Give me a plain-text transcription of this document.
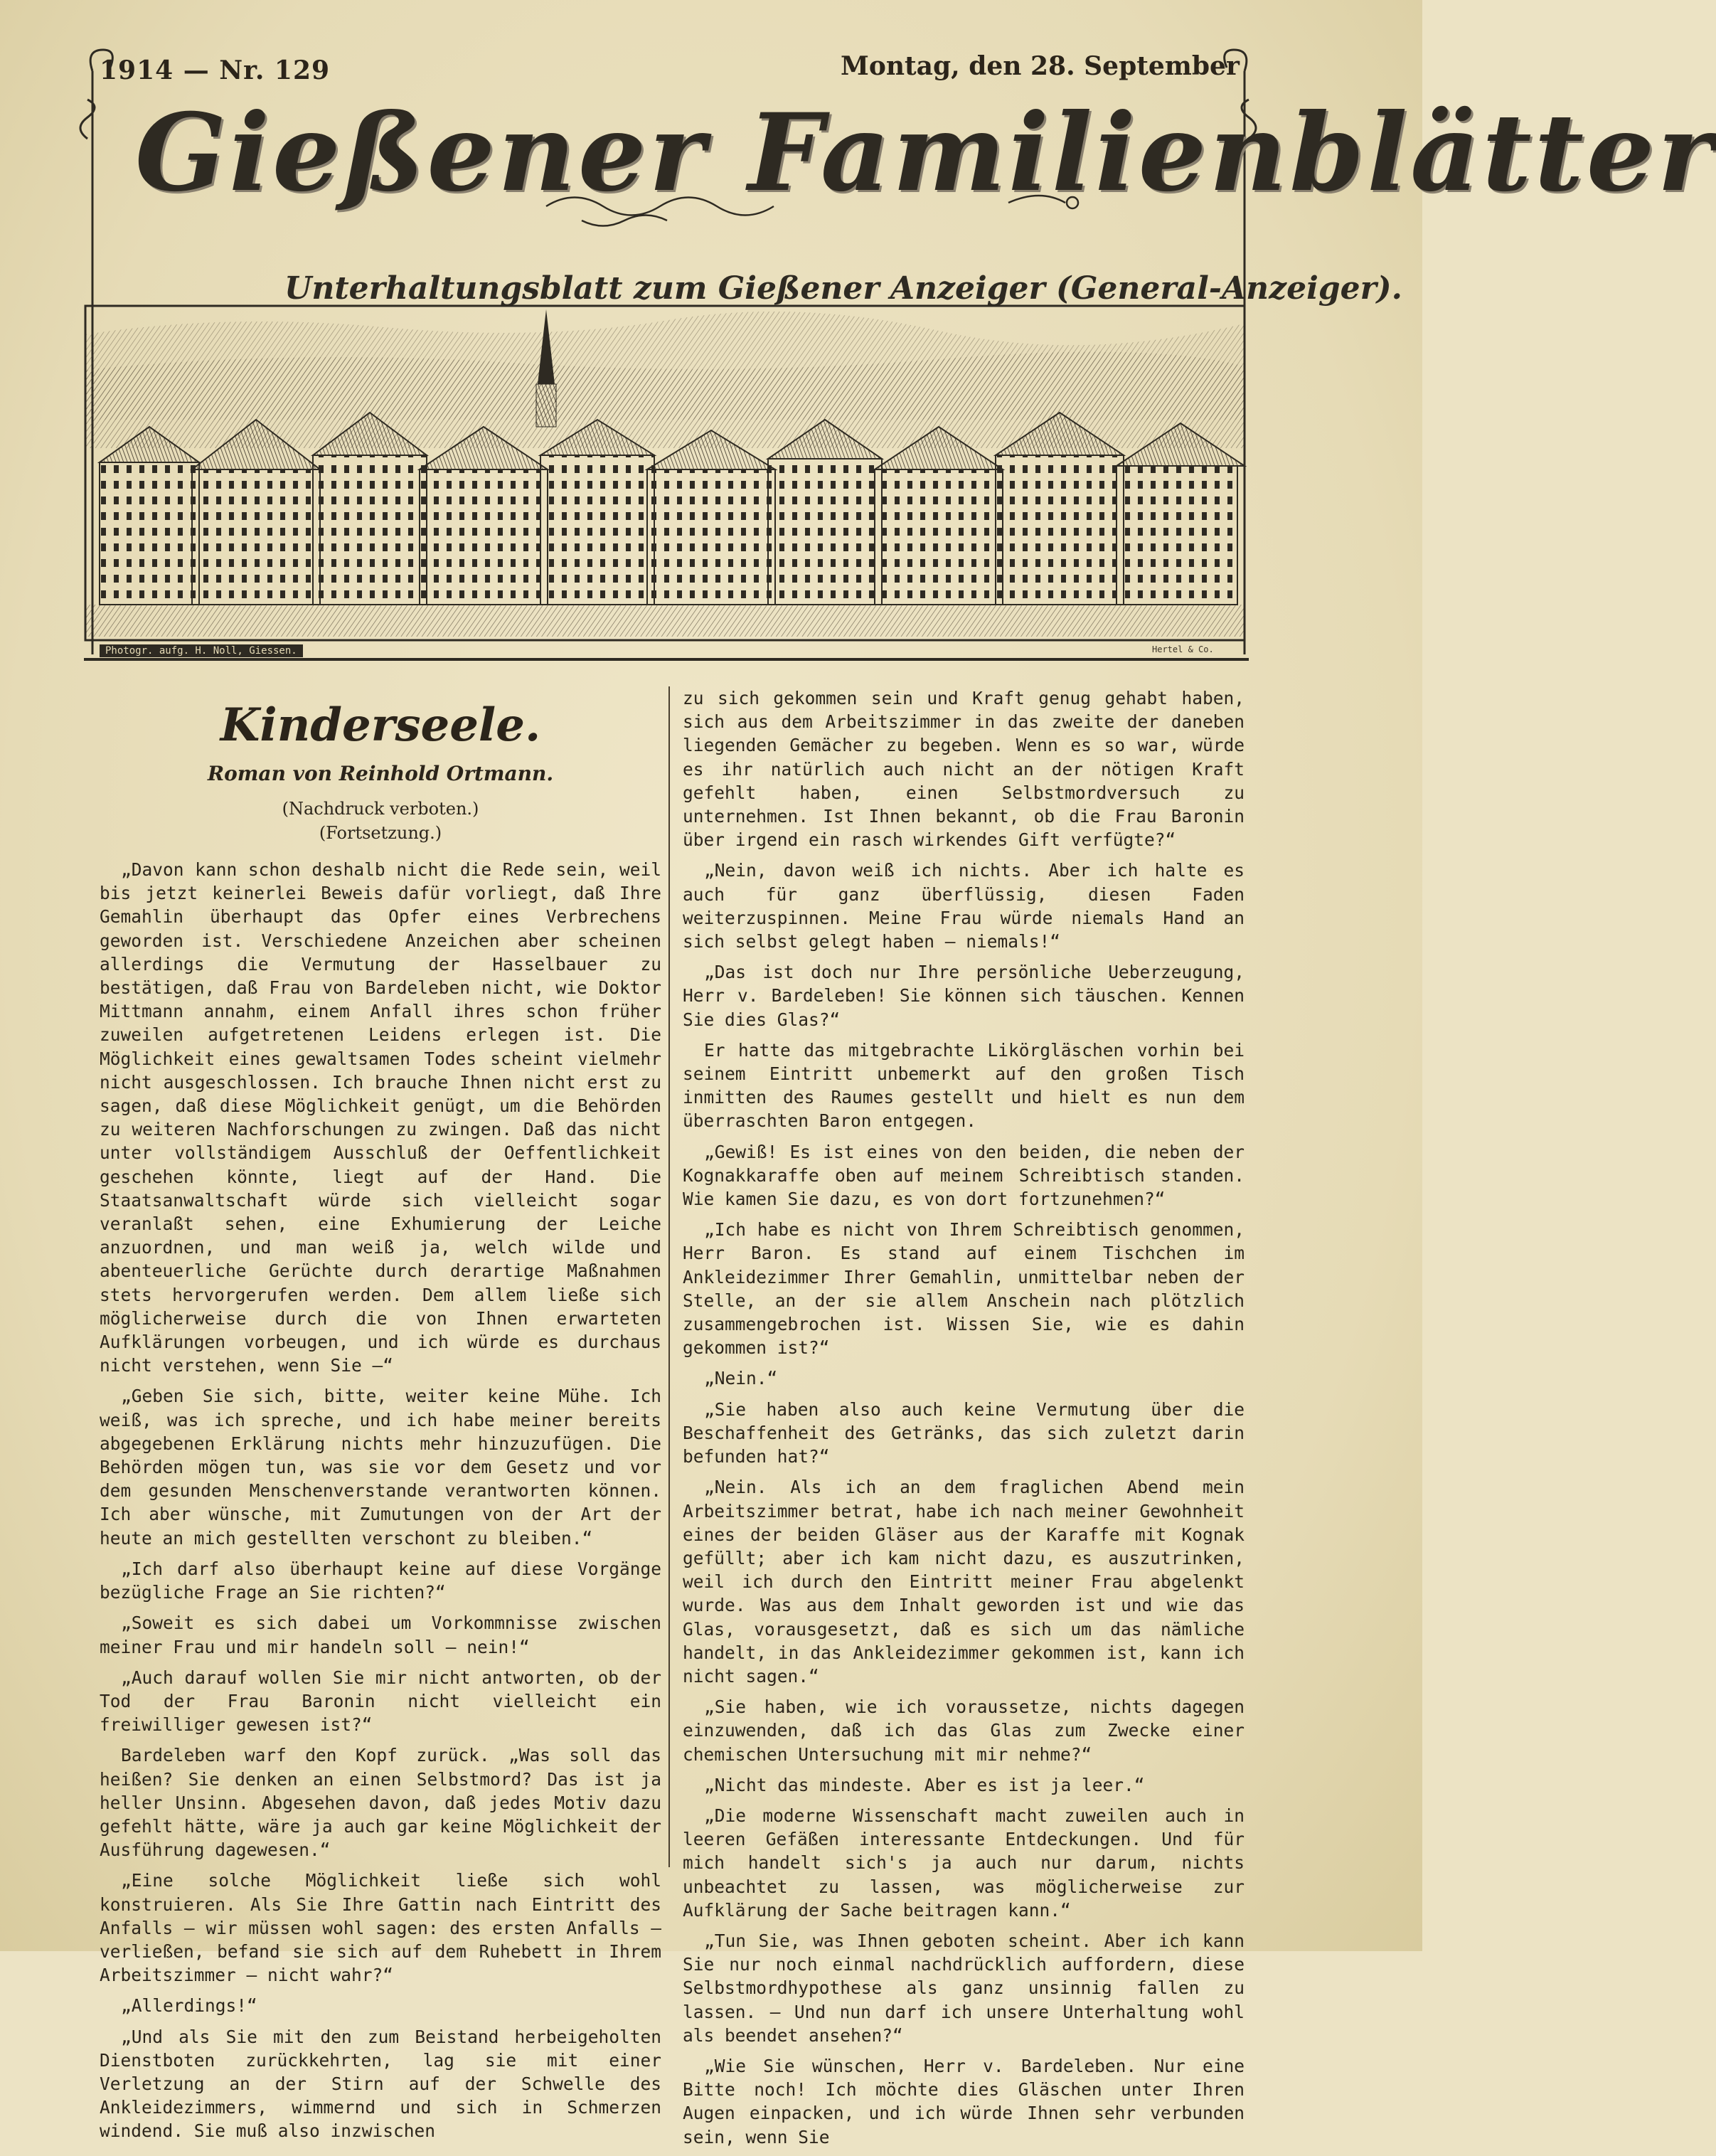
1914 — Nr. 129	Montag, den 28. September
Gießener Familienblätter
Unterhaltungsblatt zum Gießener Anzeiger (General-Anzeiger).
Photogr. aufg. H. Noll, Giessen.	Hertel & Co.
Kinderseele.
Roman von Reinhold Ortmann.
(Nachdruck verboten.)
(Fortsetzung.)

„Davon kann schon deshalb nicht die Rede sein, weil bis jetzt keinerlei Beweis dafür vorliegt, daß Ihre Gemahlin überhaupt das Opfer eines Verbrechens geworden ist. Verschiedene Anzeichen aber scheinen allerdings die Vermutung der Hasselbauer zu bestätigen, daß Frau von Bardeleben nicht, wie Doktor Mittmann annahm, einem Anfall ihres schon früher zuweilen aufgetretenen Leidens erlegen ist. Die Möglichkeit eines gewaltsamen Todes scheint vielmehr nicht ausgeschlossen. Ich brauche Ihnen nicht erst zu sagen, daß diese Möglichkeit genügt, um die Behörden zu weiteren Nachforschungen zu zwingen. Daß das nicht unter vollständigem Ausschluß der Oeffentlichkeit geschehen könnte, liegt auf der Hand. Die Staatsanwaltschaft würde sich vielleicht sogar veranlaßt sehen, eine Exhumierung der Leiche anzuordnen, und man weiß ja, welch wilde und abenteuerliche Gerüchte durch derartige Maßnahmen stets hervorgerufen werden. Dem allem ließe sich möglicherweise durch die von Ihnen erwarteten Aufklärungen vorbeugen, und ich würde es durchaus nicht verstehen, wenn Sie —“

„Geben Sie sich, bitte, weiter keine Mühe. Ich weiß, was ich spreche, und ich habe meiner bereits abgegebenen Erklärung nichts mehr hinzuzufügen. Die Behörden mögen tun, was sie vor dem Gesetz und vor dem gesunden Menschenverstande verantworten können. Ich aber wünsche, mit Zumutungen von der Art der heute an mich gestellten verschont zu bleiben.“

„Ich darf also überhaupt keine auf diese Vorgänge bezügliche Frage an Sie richten?“

„Soweit es sich dabei um Vorkommnisse zwischen meiner Frau und mir handeln soll — nein!“

„Auch darauf wollen Sie mir nicht antworten, ob der Tod der Frau Baronin nicht vielleicht ein freiwilliger gewesen ist?“

Bardeleben warf den Kopf zurück. „Was soll das heißen? Sie denken an einen Selbstmord? Das ist ja heller Unsinn. Abgesehen davon, daß jedes Motiv dazu gefehlt hätte, wäre ja auch gar keine Möglichkeit der Ausführung dagewesen.“

„Eine solche Möglichkeit ließe sich wohl konstruieren. Als Sie Ihre Gattin nach Eintritt des Anfalls — wir müssen wohl sagen: des ersten Anfalls — verließen, befand sie sich auf dem Ruhebett in Ihrem Arbeitszimmer — nicht wahr?“

„Allerdings!“

„Und als Sie mit den zum Beistand herbeigeholten Dienstboten zurückkehrten, lag sie mit einer Verletzung an der Stirn auf der Schwelle des Ankleidezimmers, wimmernd und sich in Schmerzen windend. Sie muß also inzwischen

zu sich gekommen sein und Kraft genug gehabt haben, sich aus dem Arbeitszimmer in das zweite der daneben liegenden Gemächer zu begeben. Wenn es so war, würde es ihr natürlich auch nicht an der nötigen Kraft gefehlt haben, einen Selbstmordversuch zu unternehmen. Ist Ihnen bekannt, ob die Frau Baronin über irgend ein rasch wirkendes Gift verfügte?“

„Nein, davon weiß ich nichts. Aber ich halte es auch für ganz überflüssig, diesen Faden weiterzuspinnen. Meine Frau würde niemals Hand an sich selbst gelegt haben — niemals!“

„Das ist doch nur Ihre persönliche Ueberzeugung, Herr v. Bardeleben! Sie können sich täuschen. Kennen Sie dies Glas?“

Er hatte das mitgebrachte Likörgläschen vorhin bei seinem Eintritt unbemerkt auf den großen Tisch inmitten des Raumes gestellt und hielt es nun dem überraschten Baron entgegen.

„Gewiß! Es ist eines von den beiden, die neben der Kognakkaraffe oben auf meinem Schreibtisch standen. Wie kamen Sie dazu, es von dort fortzunehmen?“

„Ich habe es nicht von Ihrem Schreibtisch genommen, Herr Baron. Es stand auf einem Tischchen im Ankleidezimmer Ihrer Gemahlin, unmittelbar neben der Stelle, an der sie allem Anschein nach plötzlich zusammengebrochen ist. Wissen Sie, wie es dahin gekommen ist?“

„Nein.“

„Sie haben also auch keine Vermutung über die Beschaffenheit des Getränks, das sich zuletzt darin befunden hat?“

„Nein. Als ich an dem fraglichen Abend mein Arbeitszimmer betrat, habe ich nach meiner Gewohnheit eines der beiden Gläser aus der Karaffe mit Kognak gefüllt; aber ich kam nicht dazu, es auszutrinken, weil ich durch den Eintritt meiner Frau abgelenkt wurde. Was aus dem Inhalt geworden ist und wie das Glas, vorausgesetzt, daß es sich um das nämliche handelt, in das Ankleidezimmer gekommen ist, kann ich nicht sagen.“

„Sie haben, wie ich voraussetze, nichts dagegen einzuwenden, daß ich das Glas zum Zwecke einer chemischen Untersuchung mit mir nehme?“

„Nicht das mindeste. Aber es ist ja leer.“

„Die moderne Wissenschaft macht zuweilen auch in leeren Gefäßen interessante Entdeckungen. Und für mich handelt sich's ja auch nur darum, nichts unbeachtet zu lassen, was möglicherweise zur Aufklärung der Sache beitragen kann.“

„Tun Sie, was Ihnen geboten scheint. Aber ich kann Sie nur noch einmal nachdrücklich auffordern, diese Selbstmordhypothese als ganz unsinnig fallen zu lassen. — Und nun darf ich unsere Unterhaltung wohl als beendet ansehen?“

„Wie Sie wünschen, Herr v. Bardeleben. Nur eine Bitte noch! Ich möchte dies Gläschen unter Ihren Augen einpacken, und ich würde Ihnen sehr verbunden sein, wenn Sie
